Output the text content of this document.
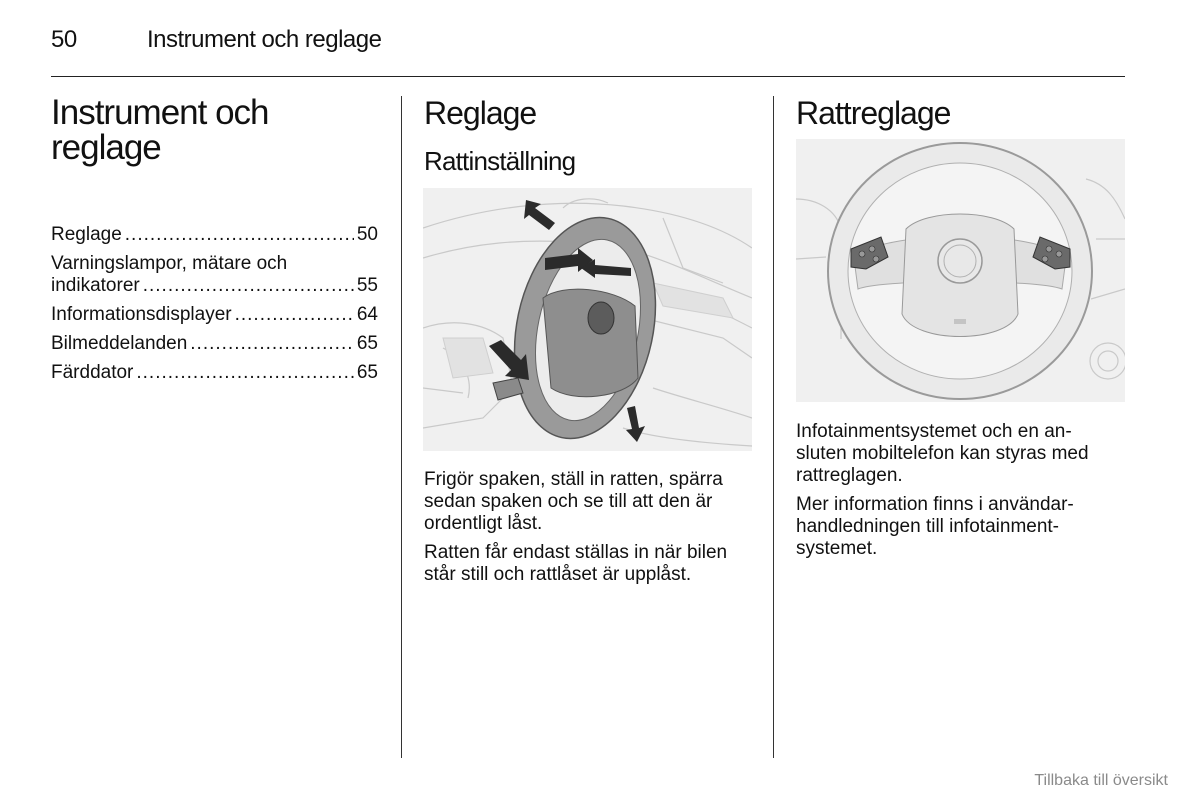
50	Instrument och reglage
Instrument och
reglage
Reglage .....	50
Varningslampor, mätare och
indikatorer .....	55
Informationsdisplayer .....	64
Bilmeddelanden .....	65
Färddator .....	65
Reglage
Rattinställning

Frigör spaken, ställ in ratten, spärra
sedan spaken och se till att den är
ordentligt låst.

Ratten får endast ställas in när bilen
står still och rattlåset är upplåst.

Rattreglage

Infotainmentsystemet och en an-
sluten mobiltelefon kan styras med
rattreglagen.

Mer information finns i användar-
handledningen till infotainment-
systemet.

Tillbaka till översikt
